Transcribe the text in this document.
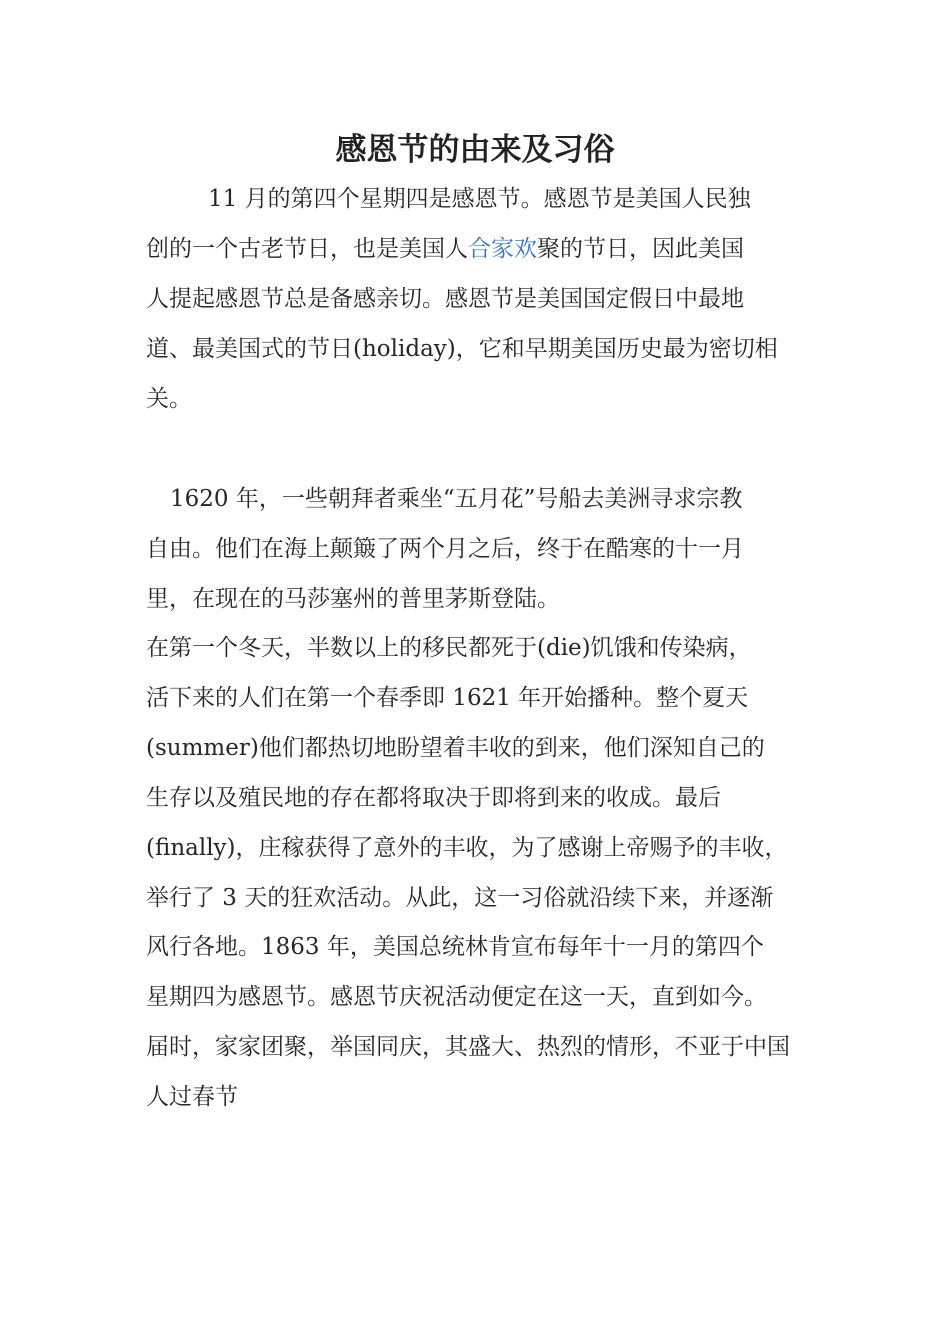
感恩节的由来及习俗

11 月的第四个星期四是感恩节。感恩节是美国人民独

创的一个古老节日，也是美国人合家欢聚的节日，因此美国

人提起感恩节总是备感亲切。感恩节是美国国定假日中最地

道、最美国式的节日(holiday)，它和早期美国历史最为密切相

关。

1620 年，一些朝拜者乘坐“五月花”号船去美洲寻求宗教

自由。他们在海上颠簸了两个月之后，终于在酷寒的十一月

里，在现在的马莎塞州的普里茅斯登陆。

在第一个冬天，半数以上的移民都死于(die)饥饿和传染病，

活下来的人们在第一个春季即 1621 年开始播种。整个夏天

(summer)他们都热切地盼望着丰收的到来，他们深知自己的

生存以及殖民地的存在都将取决于即将到来的收成。最后

(finally)，庄稼获得了意外的丰收，为了感谢上帝赐予的丰收，

举行了 3 天的狂欢活动。从此，这一习俗就沿续下来，并逐渐

风行各地。1863 年，美国总统林肯宣布每年十一月的第四个

星期四为感恩节。感恩节庆祝活动便定在这一天，直到如今。

届时，家家团聚，举国同庆，其盛大、热烈的情形，不亚于中国

人过春节
